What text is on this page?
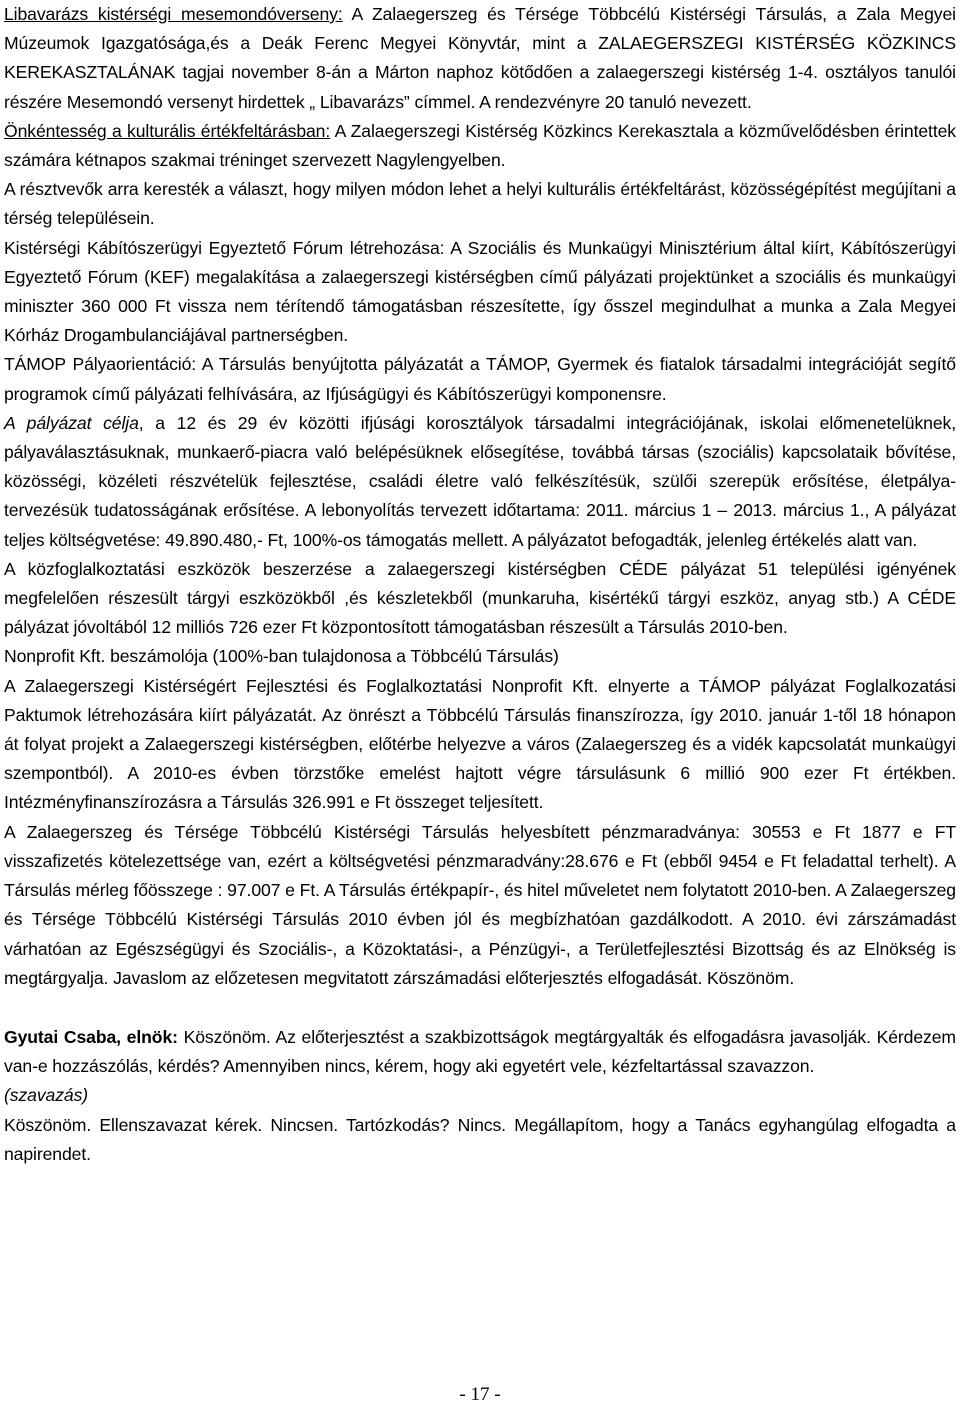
Libavarázs kistérségi mesemondóverseny: A Zalaegerszeg és Térsége Többcélú Kistérségi Társulás, a Zala Megyei Múzeumok Igazgatósága,és a Deák Ferenc Megyei Könyvtár, mint a ZALAEGERSZEGI KISTÉRSÉG KÖZKINCS KEREKASZTALÁNAK tagjai november 8-án a Márton naphoz kötődően a zalaegerszegi kistérség 1-4. osztályos tanulói részére Mesemondó versenyt hirdettek „ Libavarázs” címmel. A rendezvényre 20 tanuló nevezett.

Önkéntesség a kulturális értékfeltárásban: A Zalaegerszegi Kistérség Közkincs Kerekasztala a közművelődésben érintettek számára kétnapos szakmai tréninget szervezett Nagylengyelben.

A résztvevők arra keresték a választ, hogy milyen módon lehet a helyi kulturális értékfeltárást, közösségépítést megújítani a térség településein.

Kistérségi Kábítószerügyi Egyeztető Fórum létrehozása: A Szociális és Munkaügyi Minisztérium által kiírt, Kábítószerügyi Egyeztető Fórum (KEF) megalakítása a zalaegerszegi kistérségben című pályázati projektünket a szociális és munkaügyi miniszter 360 000 Ft vissza nem térítendő támogatásban részesítette, így ősszel megindulhat a munka a Zala Megyei Kórház Drogambulanciájával partnerségben.

TÁMOP Pályaorientáció: A Társulás benyújtotta pályázatát a TÁMOP, Gyermek és fiatalok társadalmi integrációját segítő programok című pályázati felhívására, az Ifjúságügyi és Kábítószerügyi komponensre.

A pályázat célja, a 12 és 29 év közötti ifjúsági korosztályok társadalmi integrációjának, iskolai előmenetelüknek, pályaválasztásuknak, munkaerő-piacra való belépésüknek elősegítése, továbbá társas (szociális) kapcsolataik bővítése, közösségi, közéleti részvételük fejlesztése, családi életre való felkészítésük, szülői szerepük erősítése, életpálya- tervezésük tudatosságának erősítése. A lebonyolítás tervezett időtartama: 2011. március 1 – 2013. március 1., A pályázat teljes költségvetése: 49.890.480,- Ft, 100%-os támogatás mellett. A pályázatot befogadták, jelenleg értékelés alatt van.

A közfoglalkoztatási eszközök beszerzése a zalaegerszegi kistérségben CÉDE pályázat 51 települési igényének megfelelően részesült tárgyi eszközökből ,és készletekből (munkaruha, kisértékű tárgyi eszköz, anyag stb.) A CÉDE pályázat jóvoltából 12 milliós 726 ezer Ft központosított támogatásban részesült a Társulás 2010-ben.

Nonprofit Kft. beszámolója (100%-ban tulajdonosa a Többcélú Társulás)

A Zalaegerszegi Kistérségért Fejlesztési és Foglalkoztatási Nonprofit Kft. elnyerte a TÁMOP pályázat Foglalkozatási Paktumok létrehozására kiírt pályázatát. Az önrészt a Többcélú Társulás finanszírozza, így 2010. január 1-től 18 hónapon át folyat projekt a Zalaegerszegi kistérségben, előtérbe helyezve a város (Zalaegerszeg és a vidék kapcsolatát munkaügyi szempontból). A 2010-es évben törzstőke emelést hajtott végre társulásunk 6 millió 900 ezer Ft értékben. Intézményfinanszírozásra a Társulás 326.991 e Ft összeget teljesített.

A Zalaegerszeg és Térsége Többcélú Kistérségi Társulás helyesbített pénzmaradványa: 30553 e Ft 1877 e FT visszafizetés kötelezettsége van, ezért a költségvetési pénzmaradvány:28.676 e Ft (ebből 9454 e Ft feladattal terhelt). A Társulás mérleg főösszege : 97.007 e Ft. A Társulás értékpapír-, és hitel műveletet nem folytatott 2010-ben. A Zalaegerszeg és Térsége Többcélú Kistérségi Társulás 2010 évben jól és megbízhatóan gazdálkodott. A 2010. évi zárszámadást várhatóan az Egészségügyi és Szociális-, a Közoktatási-, a Pénzügyi-, a Területfejlesztési Bizottság és az Elnökség is megtárgyalja. Javaslom az előzetesen megvitatott zárszámadási előterjesztés elfogadását. Köszönöm.

Gyutai Csaba, elnök: Köszönöm. Az előterjesztést a szakbizottságok megtárgyalták és elfogadásra javasolják. Kérdezem van-e hozzászólás, kérdés? Amennyiben nincs, kérem, hogy aki egyetért vele, kézfeltartással szavazzon.

(szavazás)

Köszönöm. Ellenszavazat kérek. Nincsen. Tartózkodás? Nincs. Megállapítom, hogy a Tanács egyhangúlag elfogadta a napirendet.

- 17 -
